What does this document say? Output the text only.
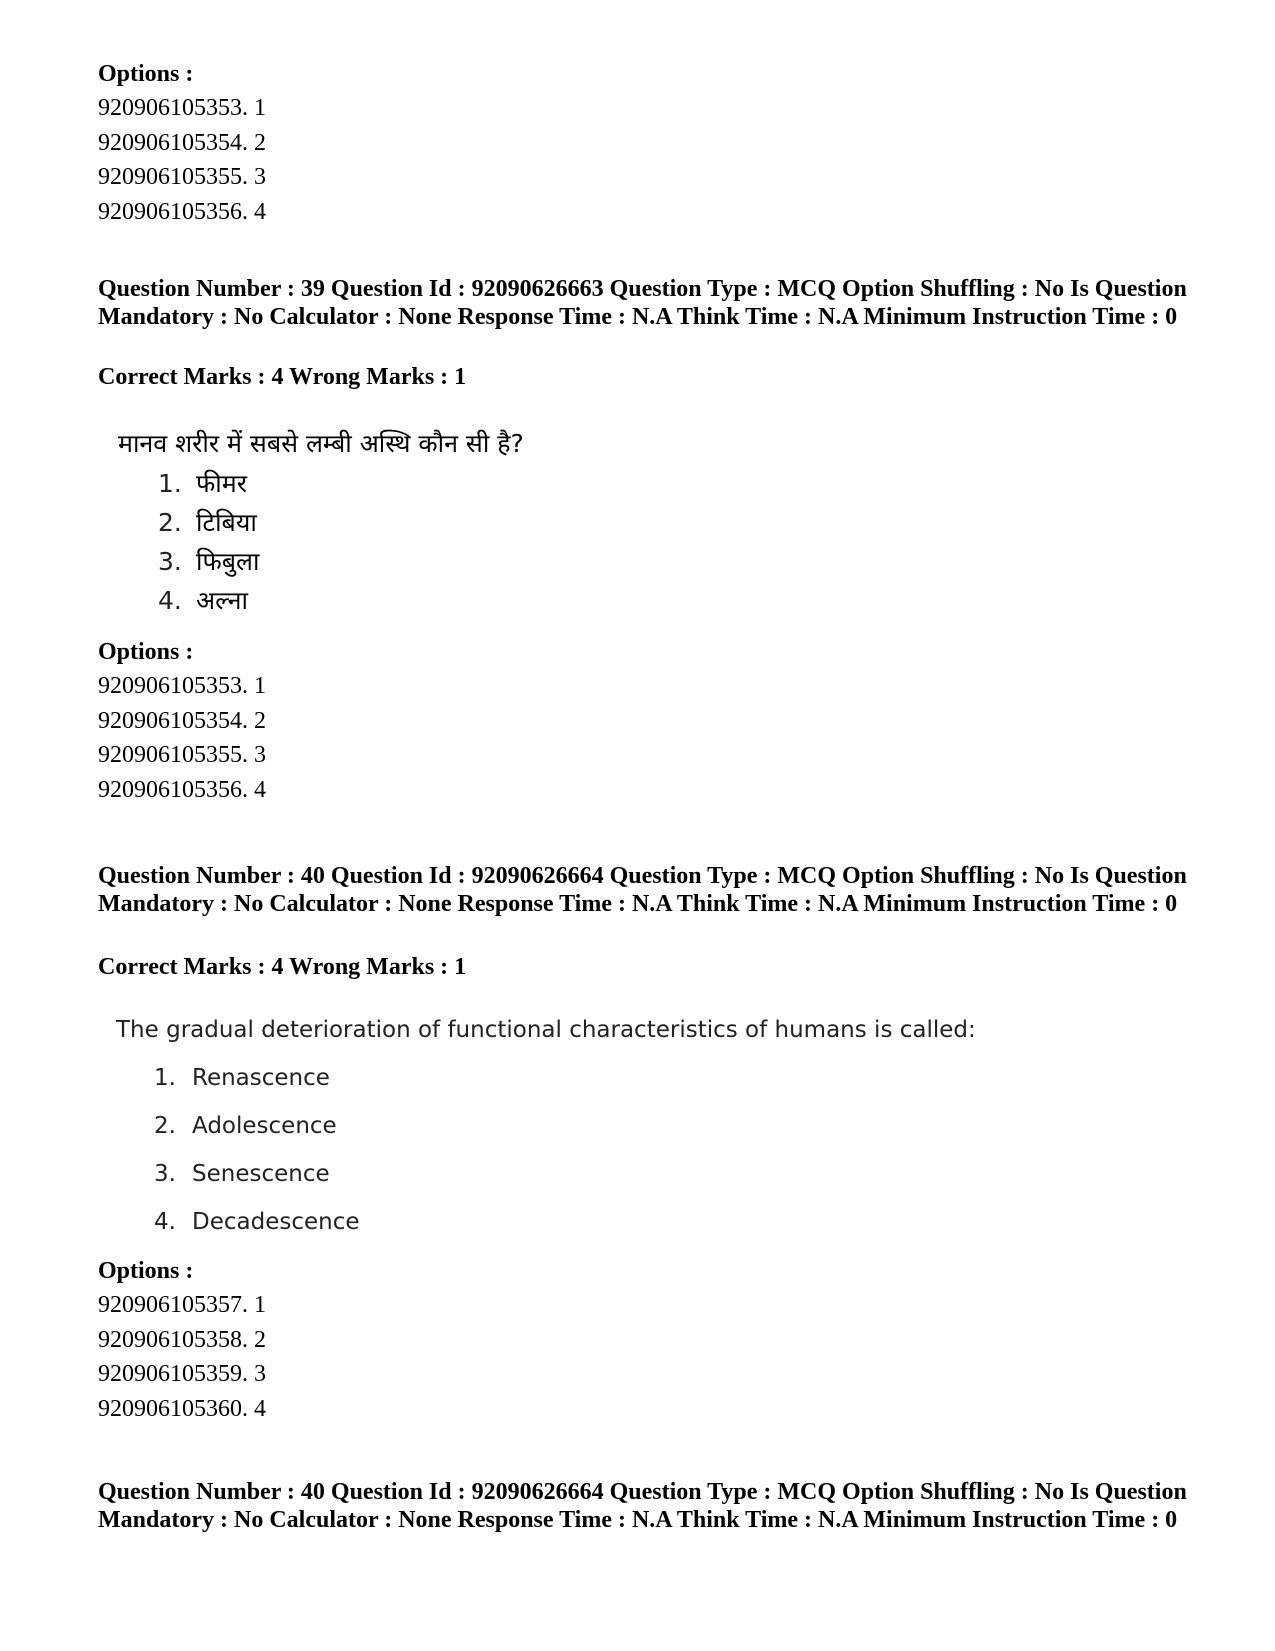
Options :
920906105353. 1
920906105354. 2
920906105355. 3
920906105356. 4
Question Number : 39 Question Id : 92090626663 Question Type : MCQ Option Shuffling : No Is Question Mandatory : No Calculator : None Response Time : N.A Think Time : N.A Minimum Instruction Time : 0
Correct Marks : 4 Wrong Marks : 1
मानव शरीर में सबसे लम्बी अस्थि कौन सी है?
1. फीमर
2. टिबिया
3. फिबुला
4. अल्ना
Options :
920906105353. 1
920906105354. 2
920906105355. 3
920906105356. 4
Question Number : 40 Question Id : 92090626664 Question Type : MCQ Option Shuffling : No Is Question Mandatory : No Calculator : None Response Time : N.A Think Time : N.A Minimum Instruction Time : 0
Correct Marks : 4 Wrong Marks : 1
The gradual deterioration of functional characteristics of humans is called:
1. Renascence
2. Adolescence
3. Senescence
4. Decadescence
Options :
920906105357. 1
920906105358. 2
920906105359. 3
920906105360. 4
Question Number : 40 Question Id : 92090626664 Question Type : MCQ Option Shuffling : No Is Question Mandatory : No Calculator : None Response Time : N.A Think Time : N.A Minimum Instruction Time : 0
